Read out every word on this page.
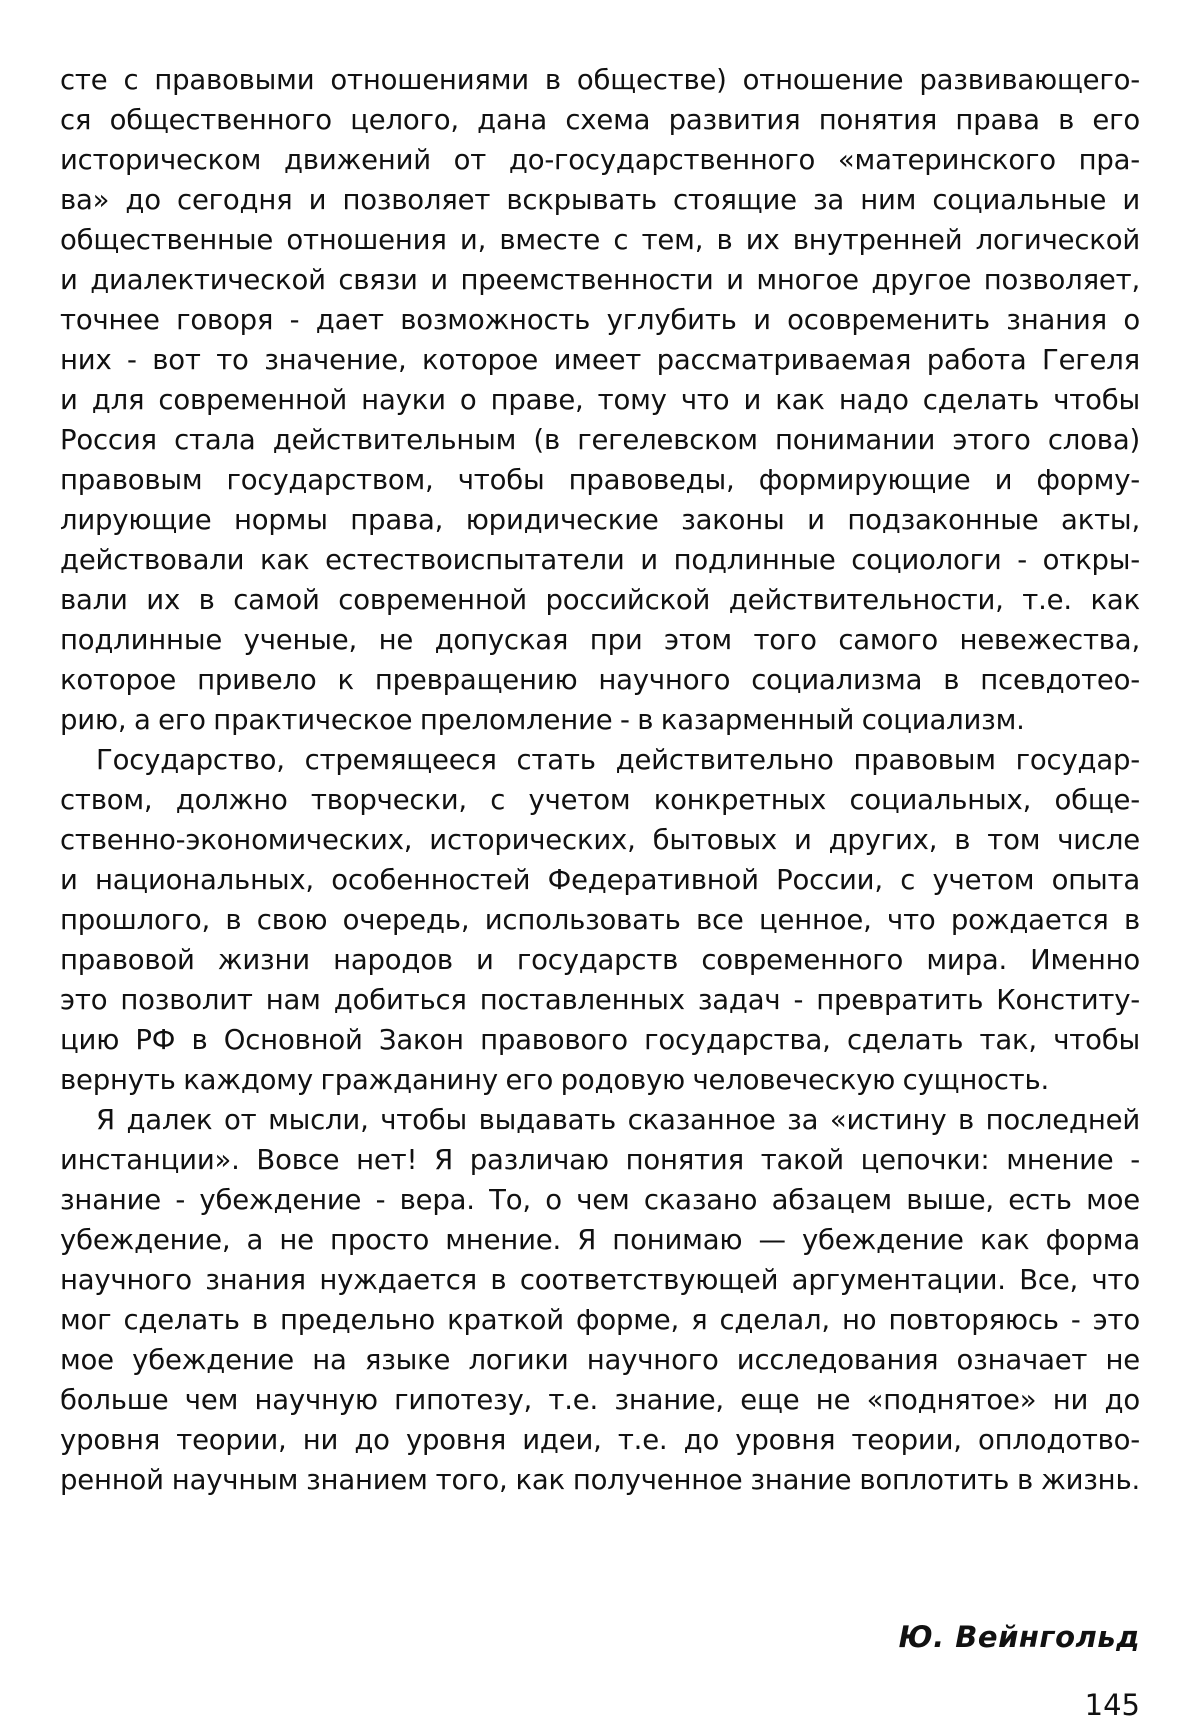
сте с правовыми отношениями в обществе) отношение развивающего-
ся общественного целого, дана схема развития понятия права в его
историческом движений от до-государственного «материнского пра-
ва» до сегодня и позволяет вскрывать стоящие за ним социальные и
общественные отношения и, вместе с тем, в их внутренней логической
и диалектической связи и преемственности и многое другое позволяет,
точнее говоря - дает возможность углубить и осовременить знания о
них - вот то значение, которое имеет рассматриваемая работа Гегеля
и для современной науки о праве, тому что и как надо сделать чтобы
Россия стала действительным (в гегелевском понимании этого слова)
правовым государством, чтобы правоведы, формирующие и форму-
лирующие нормы права, юридические законы и подзаконные акты,
действовали как естествоиспытатели и подлинные социологи - откры-
вали их в самой современной российской действительности, т.е. как
подлинные ученые, не допуская при этом того самого невежества,
которое привело к превращению научного социализма в псевдотео-
рию, а его практическое преломление - в казарменный социализм.
Государство, стремящееся стать действительно правовым государ-
ством, должно творчески, с учетом конкретных социальных, обще-
ственно-экономических, исторических, бытовых и других, в том числе
и национальных, особенностей Федеративной России, с учетом опыта
прошлого, в свою очередь, использовать все ценное, что рождается в
правовой жизни народов и государств современного мира. Именно
это позволит нам добиться поставленных задач - превратить Конститу-
цию РФ в Основной Закон правового государства, сделать так, чтобы
вернуть каждому гражданину его родовую человеческую сущность.
Я далек от мысли, чтобы выдавать сказанное за «истину в последней
инстанции». Вовсе нет! Я различаю понятия такой цепочки: мнение -
знание - убеждение - вера. То, о чем сказано абзацем выше, есть мое
убеждение, а не просто мнение. Я понимаю — убеждение как форма
научного знания нуждается в соответствующей аргументации. Все, что
мог сделать в предельно краткой форме, я сделал, но повторяюсь - это
мое убеждение на языке логики научного исследования означает не
больше чем научную гипотезу, т.е. знание, еще не «поднятое» ни до
уровня теории, ни до уровня идеи, т.е. до уровня теории, оплодотво-
ренной научным знанием того, как полученное знание воплотить в жизнь.
Ю. Вейнгольд
145
